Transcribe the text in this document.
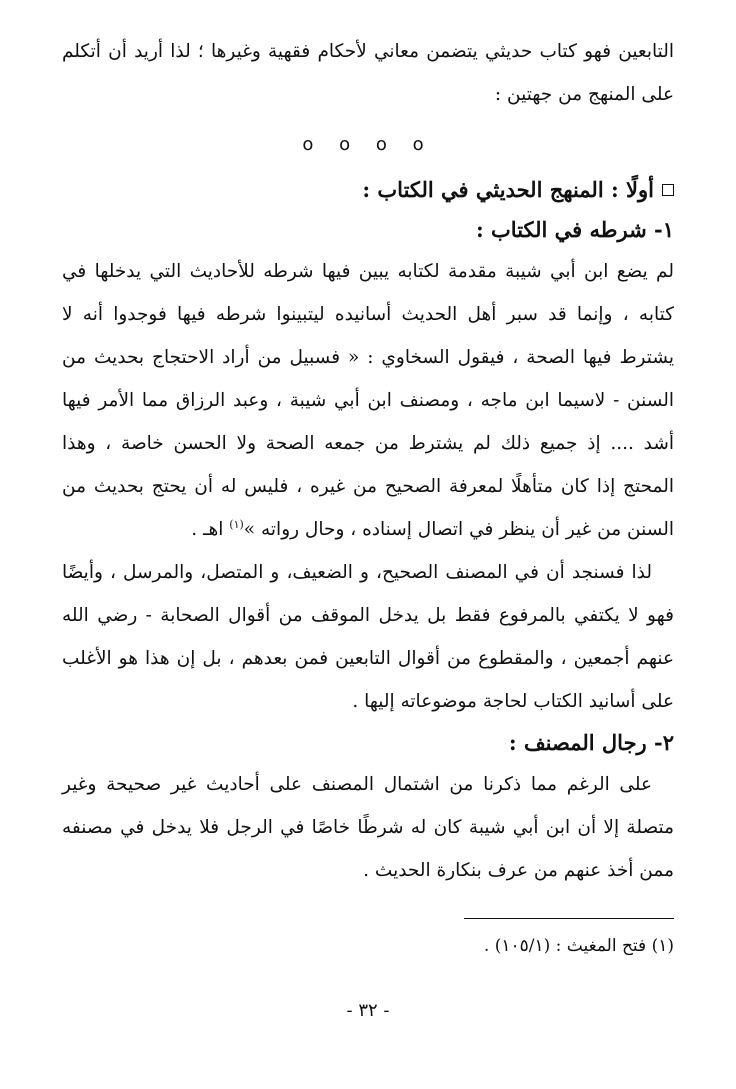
التابعين فهو كتاب حديثي يتضمن معاني لأحكام فقهية وغيرها ؛ لذا أريد أن أتكلم على المنهج من جهتين :

o o o o
أولًا : المنهج الحديثي في الكتاب :
١- شرطه في الكتاب :

لم يضع ابن أبي شيبة مقدمة لكتابه يبين فيها شرطه للأحاديث التي يدخلها في كتابه ، وإنما قد سبر أهل الحديث أسانيده ليتبينوا شرطه فيها فوجدوا أنه لا يشترط فيها الصحة ، فيقول السخاوي : « فسبيل من أراد الاحتجاج بحديث من السنن - لاسيما ابن ماجه ، ومصنف ابن أبي شيبة ، وعبد الرزاق مما الأمر فيها أشد .... إذ جميع ذلك لم يشترط من جمعه الصحة ولا الحسن خاصة ، وهذا المحتج إذا كان متأهلًا لمعرفة الصحيح من غيره ، فليس له أن يحتج بحديث من السنن من غير أن ينظر في اتصال إسناده ، وحال رواته »$^{(١)}$ اهـ .

لذا فسنجد أن في المصنف الصحيح، و الضعيف، و المتصل، والمرسل ، وأيضًا فهو لا يكتفي بالمرفوع فقط بل يدخل الموقف من أقوال الصحابة - رضي الله عنهم أجمعين ، والمقطوع من أقوال التابعين فمن بعدهم ، بل إن هذا هو الأغلب على أسانيد الكتاب لحاجة موضوعاته إليها .

٢- رجال المصنف :

على الرغم مما ذكرنا من اشتمال المصنف على أحاديث غير صحيحة وغير متصلة إلا أن ابن أبي شيبة كان له شرطًا خاصًا في الرجل فلا يدخل في مصنفه ممن أخذ عنهم من عرف بنكارة الحديث .

(١) فتح المغيث : (١٠٥/١) .

- ٣٢ -
